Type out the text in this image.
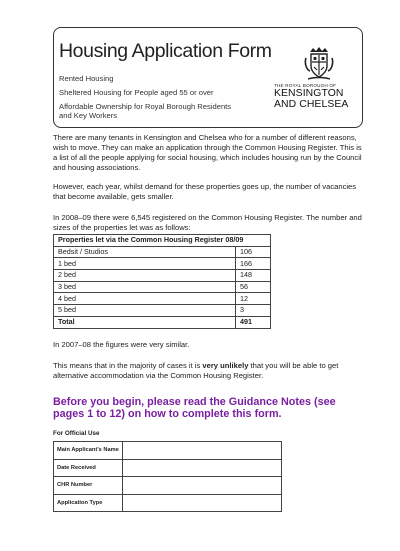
Housing Application Form
Rented Housing
Sheltered Housing for People aged 55 or over
Affordable Ownership for Royal Borough Residents and Key Workers
THE ROYAL BOROUGH OF
KENSINGTON
AND CHELSEA

There are many tenants in Kensington and Chelsea who for a number of different reasons, wish to move. They can make an application through the Common Housing Register. This is a list of all the people applying for social housing, which includes housing run by the Council and housing associations.

However, each year, whilst demand for these properties goes up, the number of vacancies that become available, gets smaller.

In 2008–09 there were 6,545 registered on the Common Housing Register. The number and sizes of the properties let was as follows:

Properties let via the Common Housing Register 08/09	
Bedsit / Studios	106
1 bed	166
2 bed	148
3 bed	56
4 bed	12
5 bed	3
Total	491

In 2007–08 the figures were very similar.

This means that in the majority of cases it is very unlikely that you will be able to get alternative accommodation via the Common Housing Register.

Before you begin, please read the Guidance Notes (see pages 1 to 12) on how to complete this form.

For Official Use
Main Applicant’s Name	
Date Received	
CHR Number	
Application Type	
